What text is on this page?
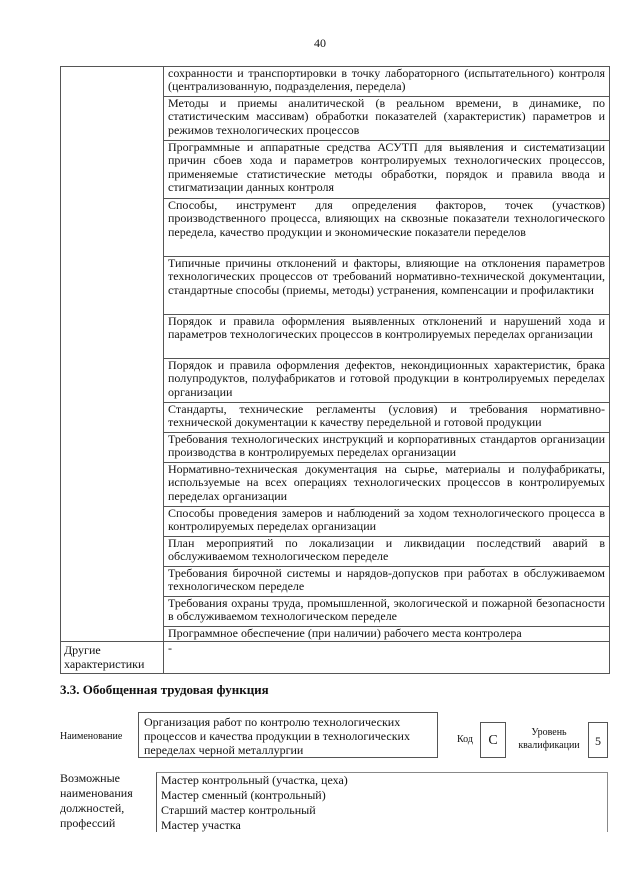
40
	сохранности и транспортировки в точку лабораторного (испытательного) контроля (централизованную, подразделения, передела)
	Методы и приемы аналитической (в реальном времени, в динамике, по статистическим массивам) обработки показателей (характеристик) параметров и режимов технологических процессов
	Программные и аппаратные средства АСУТП для выявления и систематизации причин сбоев хода и параметров контролируемых технологических процессов, применяемые статистические методы обработки, порядок и правила ввода и стигматизации данных контроля
	Способы, инструмент для определения факторов, точек (участков) производственного процесса, влияющих на сквозные показатели технологического передела, качество продукции и экономические показатели переделов
	Типичные причины отклонений и факторы, влияющие на отклонения параметров технологических процессов от требований нормативно-технической документации, стандартные способы (приемы, методы) устранения, компенсации и профилактики
	Порядок и правила оформления выявленных отклонений и нарушений хода и параметров технологических процессов в контролируемых переделах организации
	Порядок и правила оформления дефектов, некондиционных характеристик, брака полупродуктов, полуфабрикатов и готовой продукции в контролируемых переделах организации
	Стандарты, технические регламенты (условия) и требования нормативно-технической документации к качеству передельной и готовой продукции
	Требования технологических инструкций и корпоративных стандартов организации производства в контролируемых переделах организации
	Нормативно-техническая документация на сырье, материалы и полуфабрикаты, используемые на всех операциях технологических процессов в контролируемых переделах организации
	Способы проведения замеров и наблюдений за ходом технологического процесса в контролируемых переделах организации
	План мероприятий по локализации и ликвидации последствий аварий в обслуживаемом технологическом переделе
	Требования бирочной системы и нарядов-допусков при работах в обслуживаемом технологическом переделе
	Требования охраны труда, промышленной, экологической и пожарной безопасности в обслуживаемом технологическом переделе
	Программное обеспечение (при наличии) рабочего места контролера
Другие характеристики	-
3.3. Обобщенная трудовая функция
Наименование
Организация работ по контролю технологических процессов и качества продукции в технологических переделах черной металлургии
Код	С
Уровень квалификации	5
Возможные наименования должностей, профессий
Мастер контрольный (участка, цеха)
Мастер сменный (контрольный)
Старший мастер контрольный
Мастер участка
